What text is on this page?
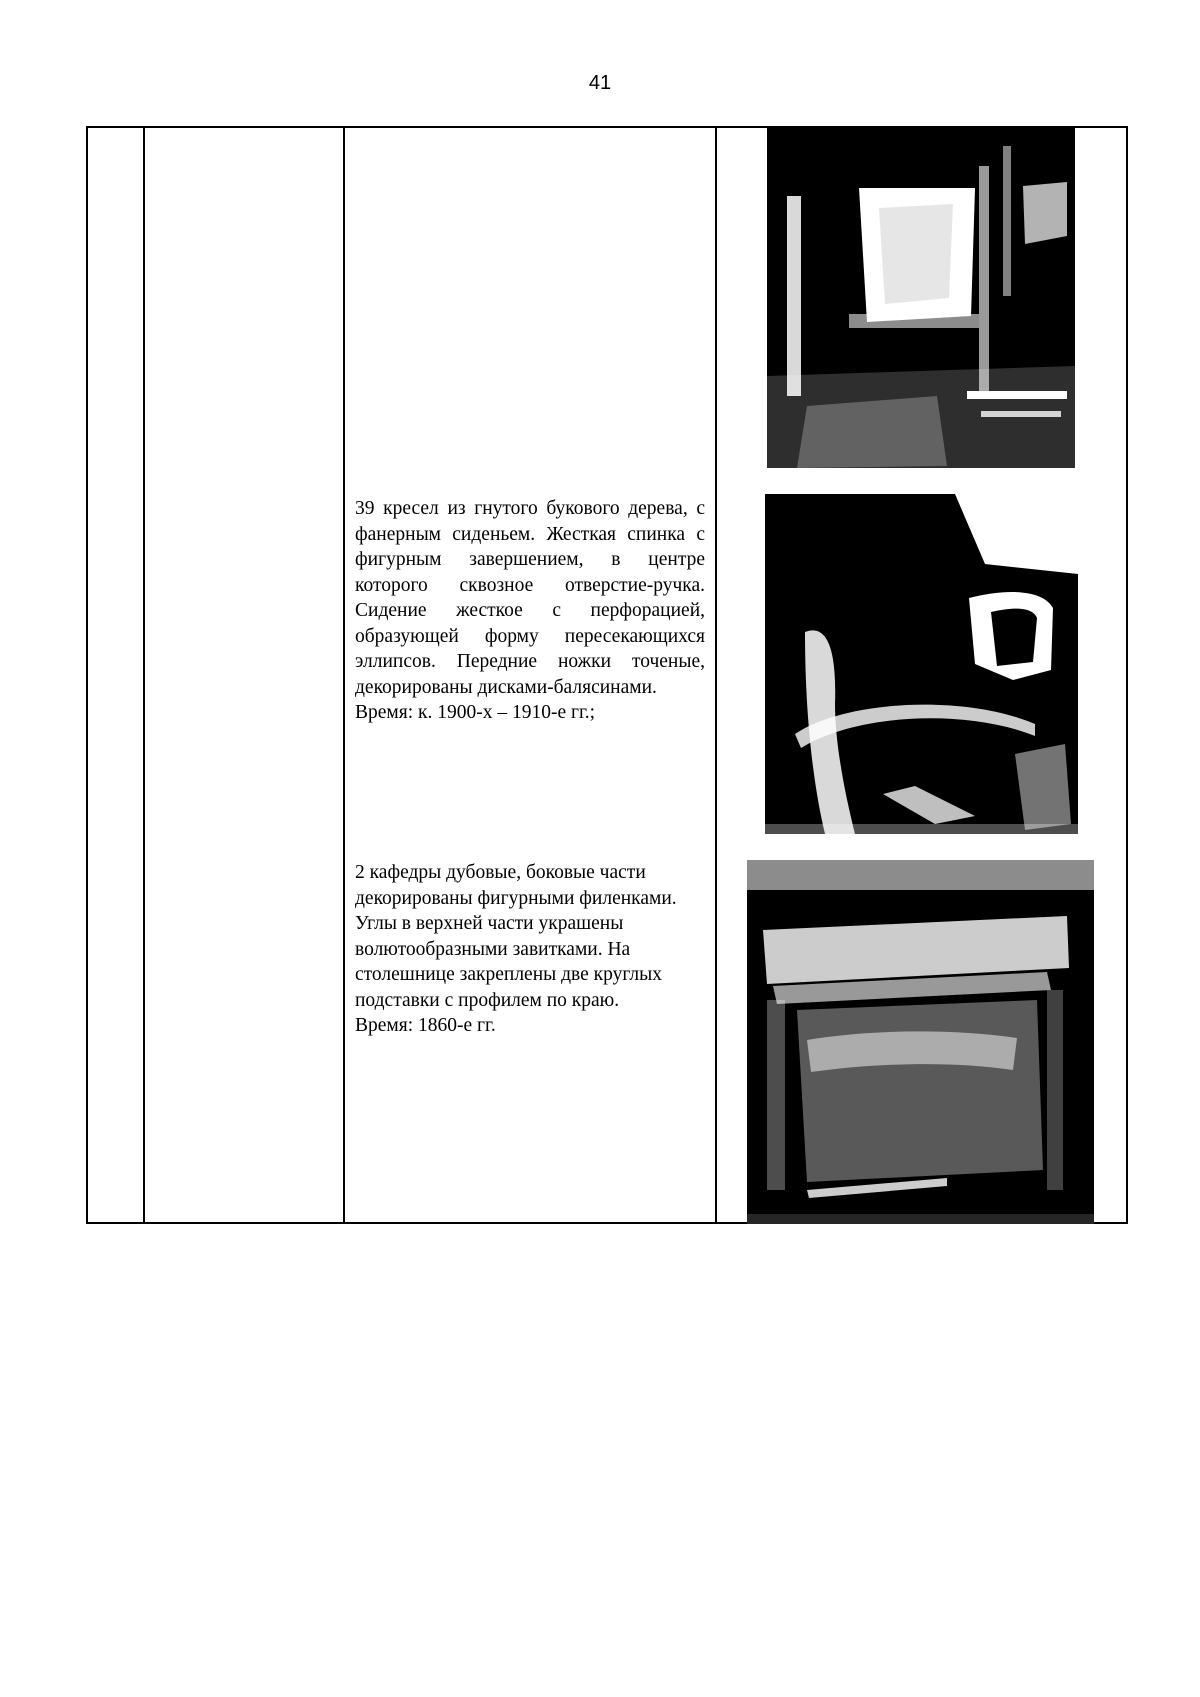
41
39 кресел из гнутого букового дерева, с фанерным сиденьем. Жесткая спинка с фигурным завершением, в центре которого сквозное отверстие-ручка. Сидение жесткое с перфорацией, образующей форму пересекающихся эллипсов. Передние ножки точеные, декорированы дисками-балясинами.
Время: к. 1900-х – 1910-е гг.;
2 кафедры дубовые, боковые части декорированы фигурными филенками. Углы в верхней части украшены волютообразными завитками. На столешнице закреплены две круглых подставки с профилем по краю.
Время: 1860-е гг.
